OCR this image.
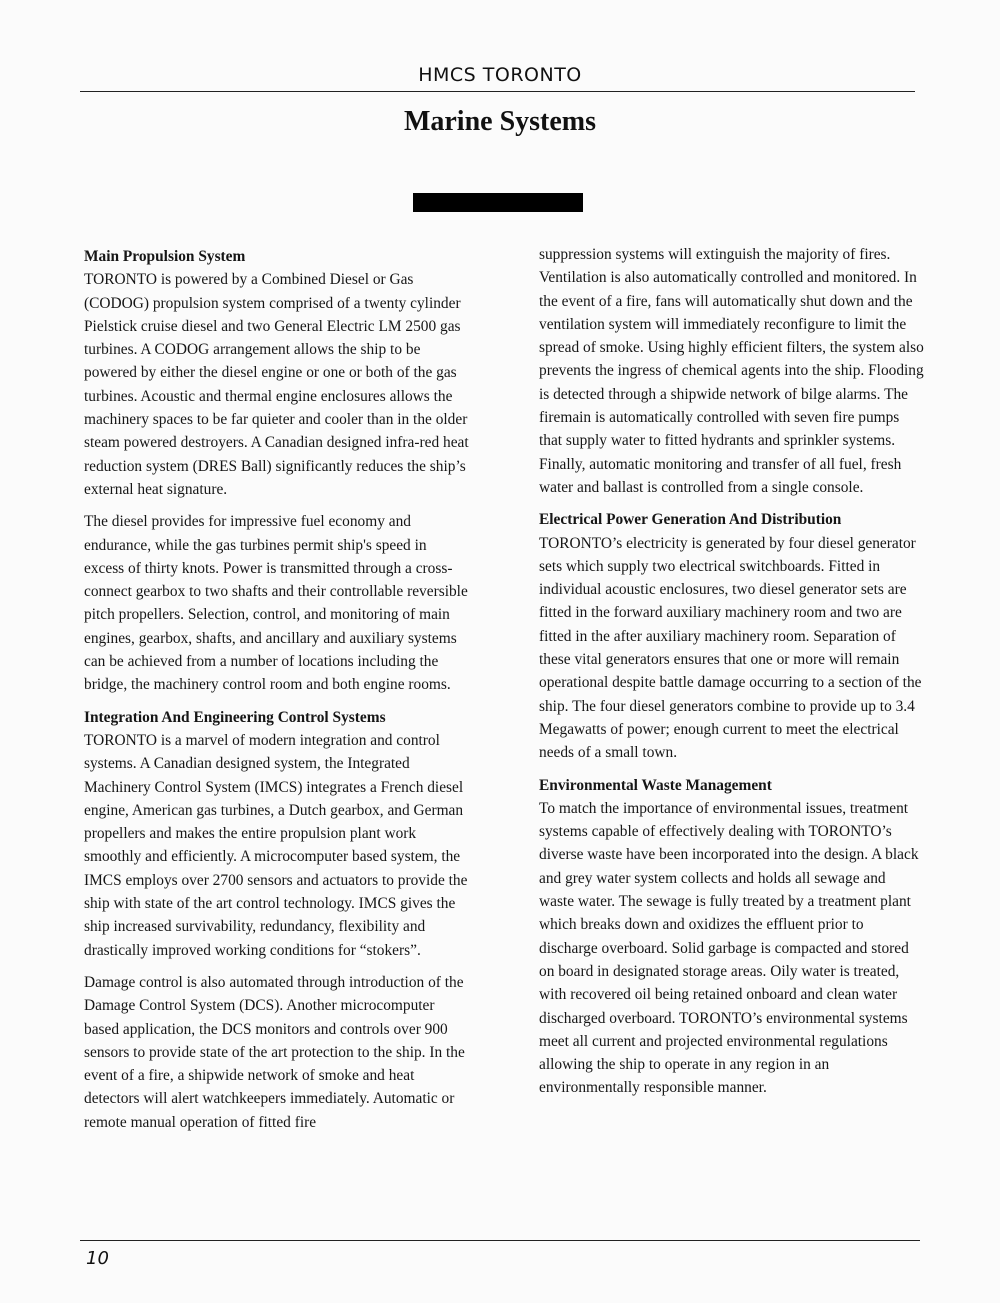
HMCS TORONTO
Marine Systems
Main Propulsion System

TORONTO is powered by a Combined Diesel or Gas (CODOG) propulsion system comprised of a twenty cylinder Pielstick cruise diesel and two General Electric LM 2500 gas turbines. A CODOG arrangement allows the ship to be powered by either the diesel engine or one or both of the gas turbines. Acoustic and thermal engine enclosures allows the machinery spaces to be far quieter and cooler than in the older steam powered destroyers. A Canadian designed infra-red heat reduction system (DRES Ball) significantly reduces the ship’s external heat signature.

The diesel provides for impressive fuel economy and endurance, while the gas turbines permit ship's speed in excess of thirty knots. Power is transmitted through a cross-connect gearbox to two shafts and their controllable reversible pitch propellers. Selection, control, and monitoring of main engines, gearbox, shafts, and ancillary and auxiliary systems can be achieved from a number of locations including the bridge, the machinery control room and both engine rooms.

Integration And Engineering Control Systems

TORONTO is a marvel of modern integration and control systems. A Canadian designed system, the Integrated Machinery Control System (IMCS) integrates a French diesel engine, American gas turbines, a Dutch gearbox, and German propellers and makes the entire propulsion plant work smoothly and efficiently. A microcomputer based system, the IMCS employs over 2700 sensors and actuators to provide the ship with state of the art control technology. IMCS gives the ship increased survivability, redundancy, flexibility and drastically improved working conditions for “stokers”.

Damage control is also automated through introduction of the Damage Control System (DCS). Another microcomputer based application, the DCS monitors and controls over 900 sensors to provide state of the art protection to the ship. In the event of a fire, a shipwide network of smoke and heat detectors will alert watchkeepers immediately. Automatic or remote manual operation of fitted fire

suppression systems will extinguish the majority of fires. Ventilation is also automatically controlled and monitored. In the event of a fire, fans will automatically shut down and the ventilation system will immediately reconfigure to limit the spread of smoke. Using highly efficient filters, the system also prevents the ingress of chemical agents into the ship. Flooding is detected through a shipwide network of bilge alarms. The firemain is automatically controlled with seven fire pumps that supply water to fitted hydrants and sprinkler systems. Finally, automatic monitoring and transfer of all fuel, fresh water and ballast is controlled from a single console.

Electrical Power Generation And Distribution

TORONTO’s electricity is generated by four diesel generator sets which supply two electrical switchboards. Fitted in individual acoustic enclosures, two diesel generator sets are fitted in the forward auxiliary machinery room and two are fitted in the after auxiliary machinery room. Separation of these vital generators ensures that one or more will remain operational despite battle damage occurring to a section of the ship. The four diesel generators combine to provide up to 3.4 Megawatts of power; enough current to meet the electrical needs of a small town.

Environmental Waste Management

To match the importance of environmental issues, treatment systems capable of effectively dealing with TORONTO’s diverse waste have been incorporated into the design. A black and grey water system collects and holds all sewage and waste water. The sewage is fully treated by a treatment plant which breaks down and oxidizes the effluent prior to discharge overboard. Solid garbage is compacted and stored on board in designated storage areas. Oily water is treated, with recovered oil being retained onboard and clean water discharged overboard. TORONTO’s environmental systems meet all current and projected environmental regulations allowing the ship to operate in any region in an environmentally responsible manner.

10
